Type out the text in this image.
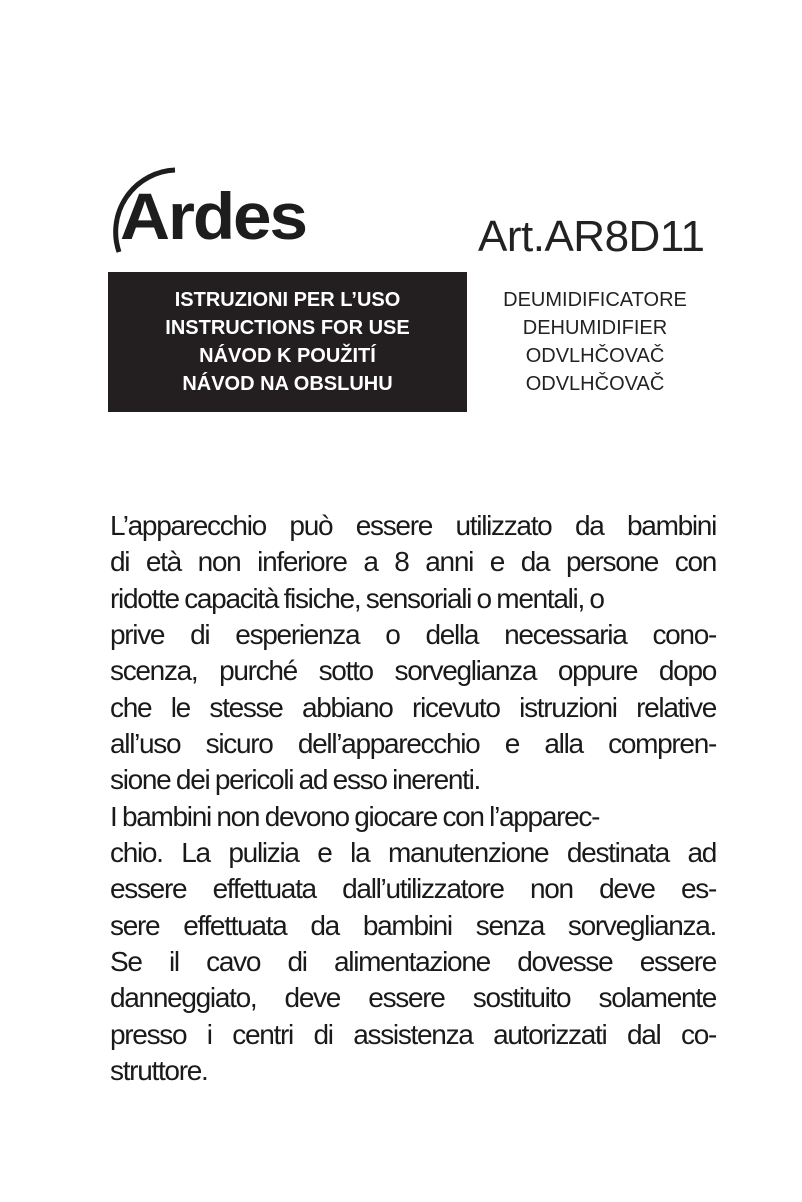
Ardes	Art.AR8D11
ISTRUZIONI PER L’USO
INSTRUCTIONS FOR USE
NÁVOD K POUŽITÍ
NÁVOD NA OBSLUHU
DEUMIDIFICATORE
DEHUMIDIFIER
ODVLHČOVAČ
ODVLHČOVAČ
L’apparecchio può essere utilizzato da bambini
di età non inferiore a 8 anni e da persone con
ridotte capacità fisiche, sensoriali o mentali, o
prive di esperienza o della necessaria cono-
scenza, purché sotto sorveglianza oppure dopo
che le stesse abbiano ricevuto istruzioni relative
all’uso sicuro dell’apparecchio e alla compren-
sione dei pericoli ad esso inerenti.
I bambini non devono giocare con l’apparec-
chio. La pulizia e la manutenzione destinata ad
essere effettuata dall’utilizzatore non deve es-
sere effettuata da bambini senza sorveglianza.
Se il cavo di alimentazione dovesse essere
danneggiato, deve essere sostituito solamente
presso i centri di assistenza autorizzati dal co-
struttore.
